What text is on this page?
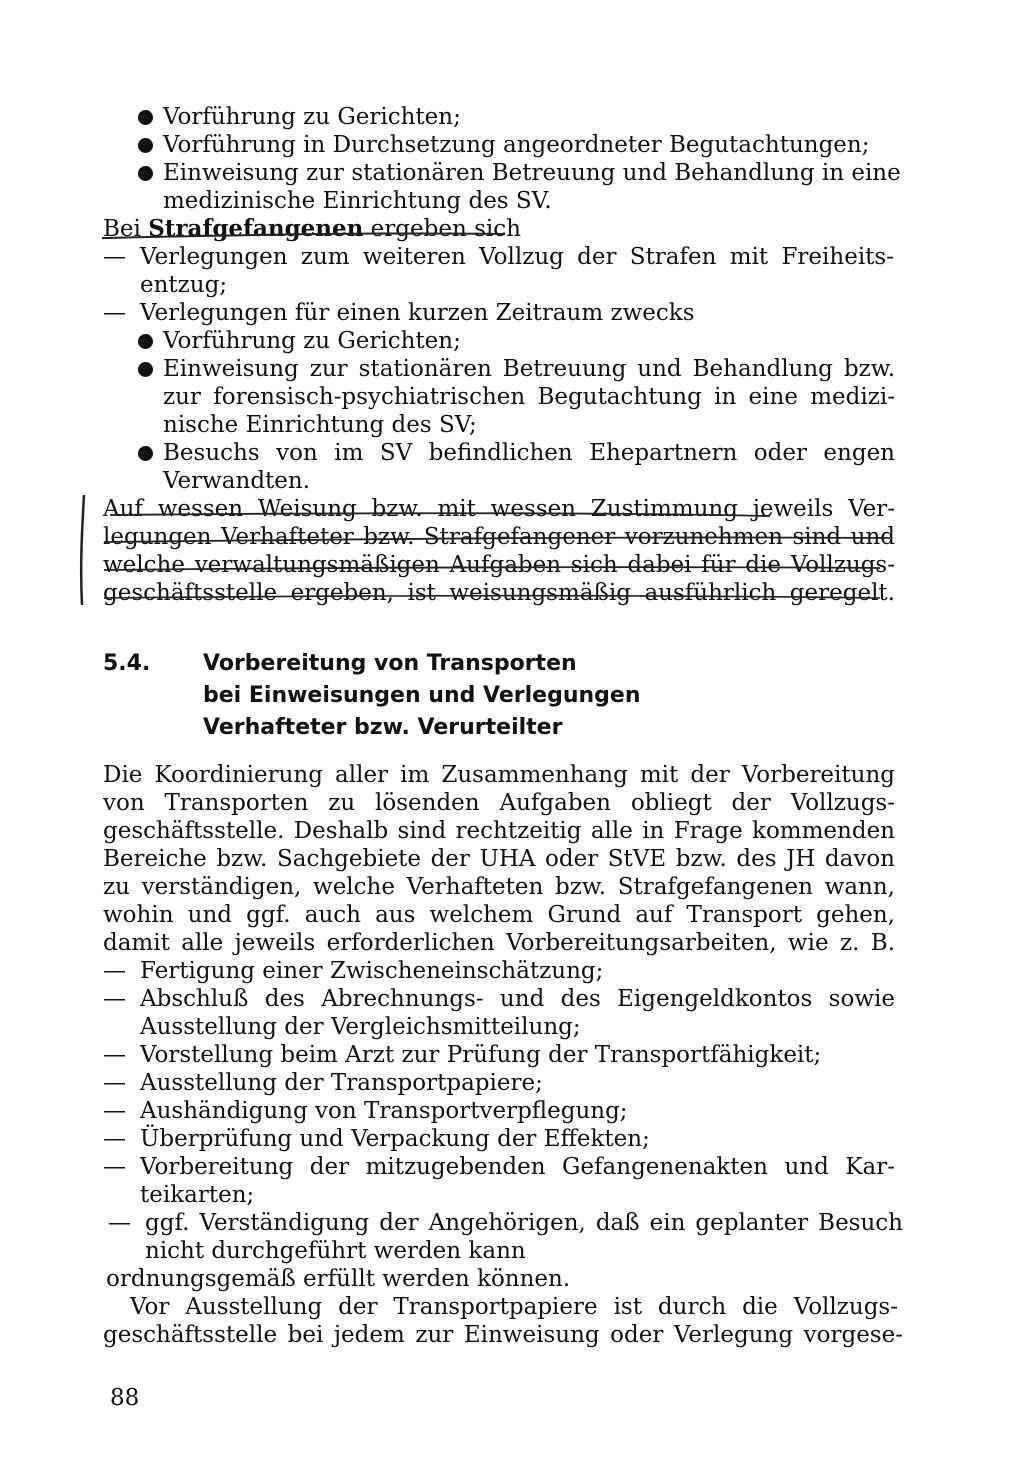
Vorführung zu Gerichten;
Vorführung in Durchsetzung angeordneter Begutachtungen;
Einweisung zur stationären Betreuung und Behandlung in eine
medizinische Einrichtung des SV.
Bei Strafgefangenen ergeben sich
— Verlegungen zum weiteren Vollzug der Strafen mit Freiheits-
entzug;
— Verlegungen für einen kurzen Zeitraum zwecks
Vorführung zu Gerichten;
Einweisung zur stationären Betreuung und Behandlung bzw.
zur forensisch-psychiatrischen Begutachtung in eine medizi-
nische Einrichtung des SV;
Besuchs von im SV befindlichen Ehepartnern oder engen
Verwandten.
Auf wessen Weisung bzw. mit wessen Zustimmung jeweils Ver-
legungen Verhafteter bzw. Strafgefangener vorzunehmen sind und
welche verwaltungsmäßigen Aufgaben sich dabei für die Vollzugs-
geschäftsstelle ergeben, ist weisungsmäßig ausführlich geregelt.
5.4. Vorbereitung von Transporten
bei Einweisungen und Verlegungen
Verhafteter bzw. Verurteilter
Die Koordinierung aller im Zusammenhang mit der Vorbereitung
von Transporten zu lösenden Aufgaben obliegt der Vollzugs-
geschäftsstelle. Deshalb sind rechtzeitig alle in Frage kommenden
Bereiche bzw. Sachgebiete der UHA oder StVE bzw. des JH davon
zu verständigen, welche Verhafteten bzw. Strafgefangenen wann,
wohin und ggf. auch aus welchem Grund auf Transport gehen,
damit alle jeweils erforderlichen Vorbereitungsarbeiten, wie z. B.
— Fertigung einer Zwischeneinschätzung;
— Abschluß des Abrechnungs- und des Eigengeldkontos sowie
Ausstellung der Vergleichsmitteilung;
— Vorstellung beim Arzt zur Prüfung der Transportfähigkeit;
— Ausstellung der Transportpapiere;
— Aushändigung von Transportverpflegung;
— Überprüfung und Verpackung der Effekten;
— Vorbereitung der mitzugebenden Gefangenenakten und Kar-
teikarten;
— ggf. Verständigung der Angehörigen, daß ein geplanter Besuch
nicht durchgeführt werden kann
ordnungsgemäß erfüllt werden können.
Vor Ausstellung der Transportpapiere ist durch die Vollzugs-
geschäftsstelle bei jedem zur Einweisung oder Verlegung vorgese-
88
